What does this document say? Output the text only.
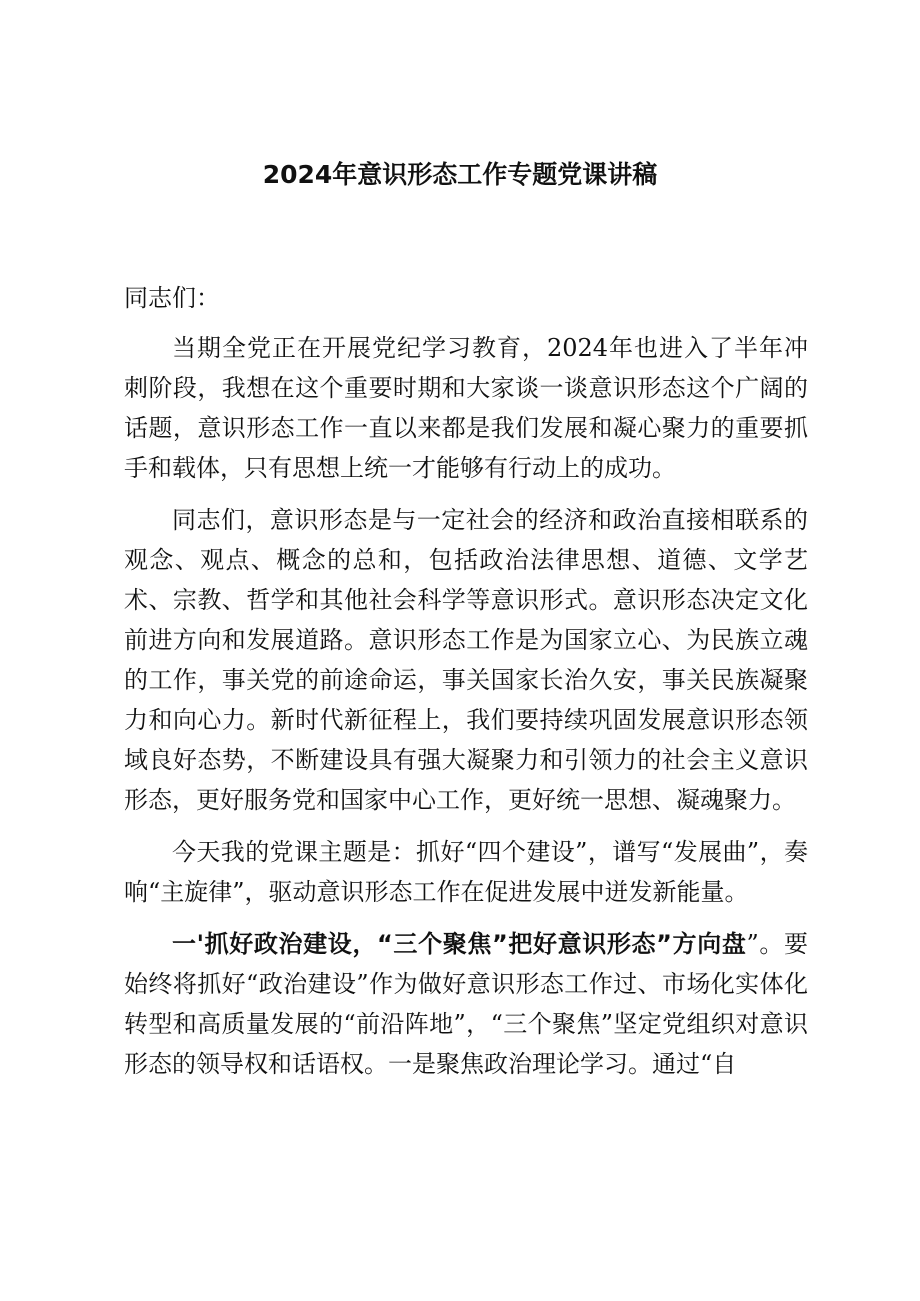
2024年意识形态工作专题党课讲稿

同志们：

当期全党正在开展党纪学习教育，2024年也进入了半年冲刺阶段，我想在这个重要时期和大家谈一谈意识形态这个广阔的话题，意识形态工作一直以来都是我们发展和凝心聚力的重要抓手和载体，只有思想上统一才能够有行动上的成功。

同志们，意识形态是与一定社会的经济和政治直接相联系的观念、观点、概念的总和，包括政治法律思想、道德、文学艺术、宗教、哲学和其他社会科学等意识形式。意识形态决定文化前进方向和发展道路。意识形态工作是为国家立心、为民族立魂的工作，事关党的前途命运，事关国家长治久安，事关民族凝聚力和向心力。新时代新征程上，我们要持续巩固发展意识形态领域良好态势，不断建设具有强大凝聚力和引领力的社会主义意识形态，更好服务党和国家中心工作，更好统一思想、凝魂聚力。

今天我的党课主题是：抓好“四个建设”，谱写“发展曲”，奏响“主旋律”，驱动意识形态工作在促进发展中迸发新能量。

一'抓好政治建设，“三个聚焦”把好意识形态”方向盘”。要始终将抓好“政治建设”作为做好意识形态工作过、市场化实体化转型和高质量发展的“前沿阵地”，“三个聚焦”坚定党组织对意识形态的领导权和话语权。一是聚焦政治理论学习。通过“自
